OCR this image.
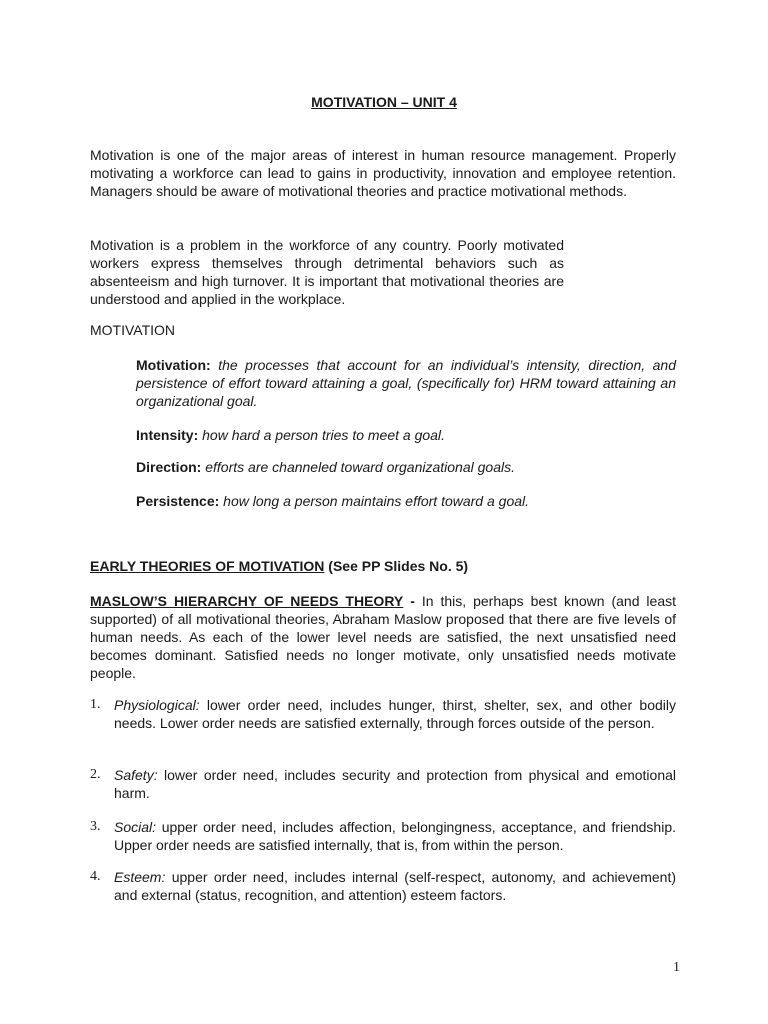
MOTIVATION – UNIT 4

Motivation is one of the major areas of interest in human resource management. Properly motivating a workforce can lead to gains in productivity, innovation and employee retention. Managers should be aware of motivational theories and practice motivational methods.

Motivation is a problem in the workforce of any country. Poorly motivated workers express themselves through detrimental behaviors such as absenteeism and high turnover. It is important that motivational theories are understood and applied in the workplace.

MOTIVATION

Motivation: the processes that account for an individual’s intensity, direction, and persistence of effort toward attaining a goal, (specifically for) HRM toward attaining an organizational goal.

Intensity: how hard a person tries to meet a goal.

Direction: efforts are channeled toward organizational goals.

Persistence: how long a person maintains effort toward a goal.

EARLY THEORIES OF MOTIVATION (See PP Slides No. 5)

MASLOW’S HIERARCHY OF NEEDS THEORY - In this, perhaps best known (and least supported) of all motivational theories, Abraham Maslow proposed that there are five levels of human needs. As each of the lower level needs are satisfied, the next unsatisfied need becomes dominant. Satisfied needs no longer motivate, only unsatisfied needs motivate people.

1. Physiological: lower order need, includes hunger, thirst, shelter, sex, and other bodily needs. Lower order needs are satisfied externally, through forces outside of the person.
2. Safety: lower order need, includes security and protection from physical and emotional harm.
3. Social: upper order need, includes affection, belongingness, acceptance, and friendship. Upper order needs are satisfied internally, that is, from within the person.
4. Esteem: upper order need, includes internal (self-respect, autonomy, and achievement) and external (status, recognition, and attention) esteem factors.
1
